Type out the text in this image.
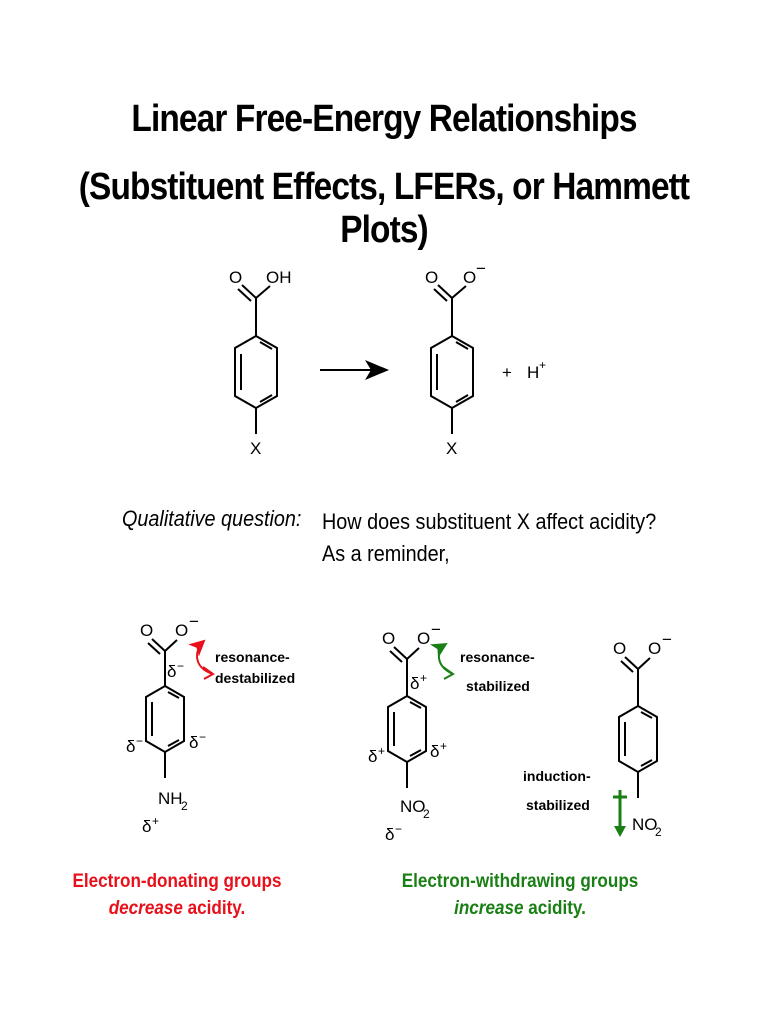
Linear Free-Energy Relationships
(Substituent Effects, LFERs, or Hammett Plots)
O OH
X
O O −
X
+ H +
O O −
δ −
δ −	δ −
NH
2
δ +
resonance-
destabilized
O O −
δ +
δ +	δ +
NO
2
δ −
resonance-
stabilized
O O −
NO
2
induction-
stabilized
Qualitative question: How does substituent X affect acidity?
As a reminder,
Electron-donating groups
decrease acidity.
Electron-withdrawing groups
increase acidity.
